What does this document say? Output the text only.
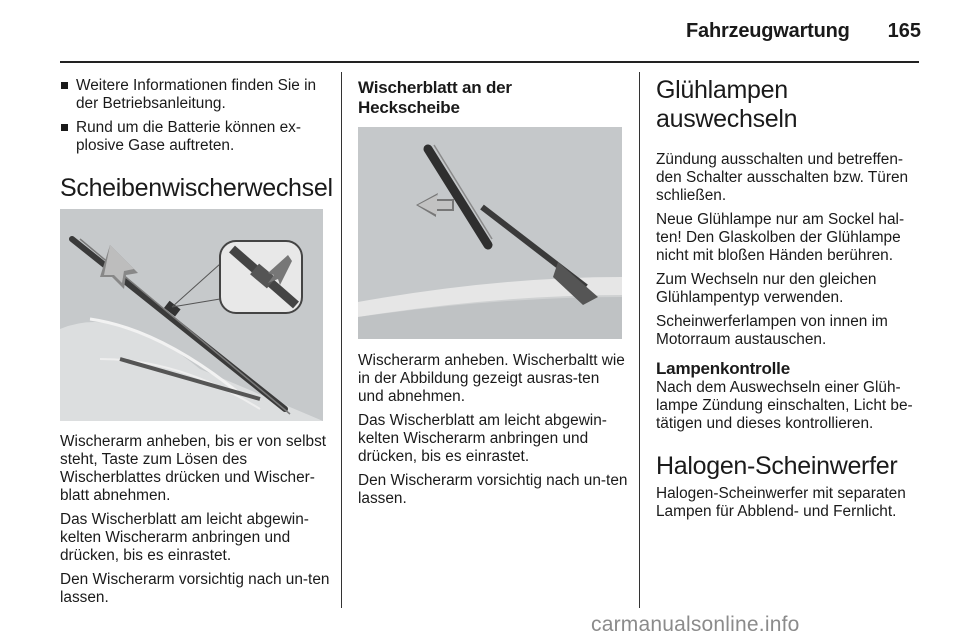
Fahrzeugwartung	165
Weitere Informationen finden Sie in der Betriebsanleitung.
Rund um die Batterie können ex-plosive Gase auftreten.
Scheibenwischerwechsel

Wischerarm anheben, bis er von selbst steht, Taste zum Lösen des Wischerblattes drücken und Wischer-blatt abnehmen.

Das Wischerblatt am leicht abgewin-kelten Wischerarm anbringen und drücken, bis es einrastet.

Den Wischerarm vorsichtig nach un-ten lassen.

Wischerblatt an der
Heckscheibe

Wischerarm anheben. Wischerbaltt wie in der Abbildung gezeigt ausras-ten und abnehmen.

Das Wischerblatt am leicht abgewin-kelten Wischerarm anbringen und drücken, bis es einrastet.

Den Wischerarm vorsichtig nach un-ten lassen.

Glühlampen
auswechseln

Zündung ausschalten und betreffen-den Schalter ausschalten bzw. Türen schließen.

Neue Glühlampe nur am Sockel hal-ten! Den Glaskolben der Glühlampe nicht mit bloßen Händen berühren.

Zum Wechseln nur den gleichen Glühlampentyp verwenden.

Scheinwerferlampen von innen im Motorraum austauschen.

Lampenkontrolle

Nach dem Auswechseln einer Glüh-lampe Zündung einschalten, Licht be-tätigen und dieses kontrollieren.

Halogen-Scheinwerfer

Halogen-Scheinwerfer mit separaten Lampen für Abblend- und Fernlicht.

carmanualsonline.info
